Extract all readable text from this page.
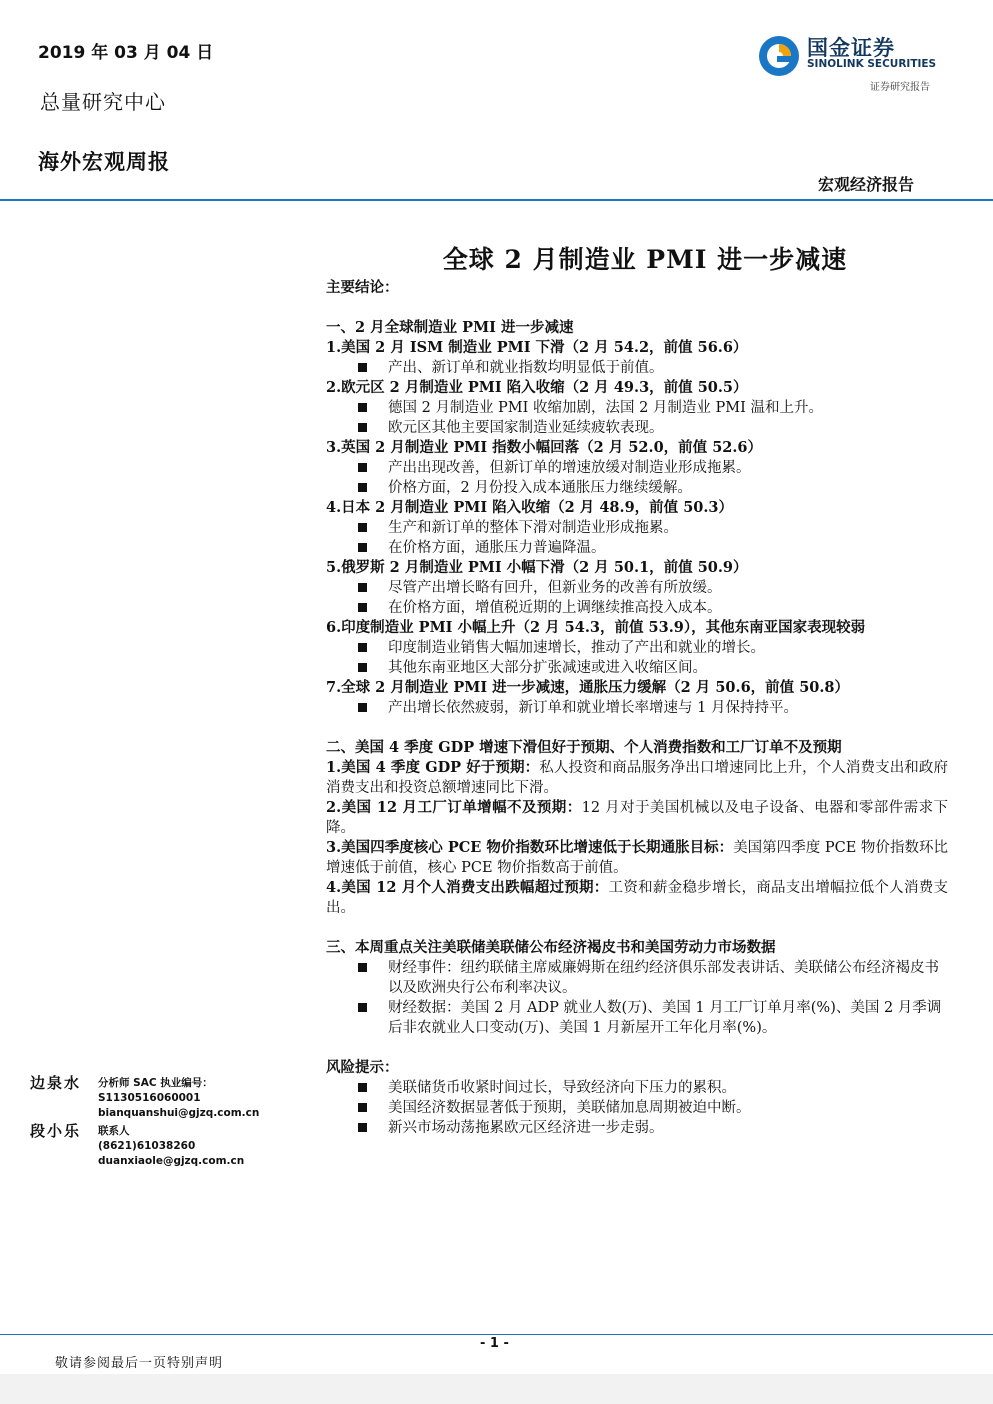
2019 年 03 月 04 日
总量研究中心
海外宏观周报
国金证券
SINOLINK SECURITIES
证券研究报告
宏观经济报告
全球 2 月制造业 PMI 进一步减速
主要结论：
一、2 月全球制造业 PMI 进一步减速
1.美国 2 月 ISM 制造业 PMI 下滑（2 月 54.2，前值 56.6）
产出、新订单和就业指数均明显低于前值。
2.欧元区 2 月制造业 PMI 陷入收缩（2 月 49.3，前值 50.5）
德国 2 月制造业 PMI 收缩加剧，法国 2 月制造业 PMI 温和上升。
欧元区其他主要国家制造业延续疲软表现。
3.英国 2 月制造业 PMI 指数小幅回落（2 月 52.0，前值 52.6）
产出出现改善，但新订单的增速放缓对制造业形成拖累。
价格方面，2 月份投入成本通胀压力继续缓解。
4.日本 2 月制造业 PMI 陷入收缩（2 月 48.9，前值 50.3）
生产和新订单的整体下滑对制造业形成拖累。
在价格方面，通胀压力普遍降温。
5.俄罗斯 2 月制造业 PMI 小幅下滑（2 月 50.1，前值 50.9）
尽管产出增长略有回升，但新业务的改善有所放缓。
在价格方面，增值税近期的上调继续推高投入成本。
6.印度制造业 PMI 小幅上升（2 月 54.3，前值 53.9），其他东南亚国家表现较弱
印度制造业销售大幅加速增长，推动了产出和就业的增长。
其他东南亚地区大部分扩张减速或进入收缩区间。
7.全球 2 月制造业 PMI 进一步减速，通胀压力缓解（2 月 50.6，前值 50.8）
产出增长依然疲弱，新订单和就业增长率增速与 1 月保持持平。
二、美国 4 季度 GDP 增速下滑但好于预期、个人消费指数和工厂订单不及预期
1.美国 4 季度 GDP 好于预期：私人投资和商品服务净出口增速同比上升，个人消费支出和政府消费支出和投资总额增速同比下滑。
2.美国 12 月工厂订单增幅不及预期：12 月对于美国机械以及电子设备、电器和零部件需求下降。
3.美国四季度核心 PCE 物价指数环比增速低于长期通胀目标：美国第四季度 PCE 物价指数环比增速低于前值，核心 PCE 物价指数高于前值。
4.美国 12 月个人消费支出跌幅超过预期：工资和薪金稳步增长，商品支出增幅拉低个人消费支出。
三、本周重点关注美联储美联储公布经济褐皮书和美国劳动力市场数据
财经事件：纽约联储主席威廉姆斯在纽约经济俱乐部发表讲话、美联储公布经济褐皮书以及欧洲央行公布利率决议。
财经数据：美国 2 月 ADP 就业人数(万)、美国 1 月工厂订单月率(%)、美国 2 月季调后非农就业人口变动(万)、美国 1 月新屋开工年化月率(%)。
风险提示：
美联储货币收紧时间过长，导致经济向下压力的累积。
美国经济数据显著低于预期，美联储加息周期被迫中断。
新兴市场动荡拖累欧元区经济进一步走弱。
边泉水 分析师 SAC 执业编号：S1130516060001
bianquanshui@gjzq.com.cn
段小乐 联系人
(8621)61038260
duanxiaole@gjzq.com.cn
- 1 -
敬请参阅最后一页特别声明
